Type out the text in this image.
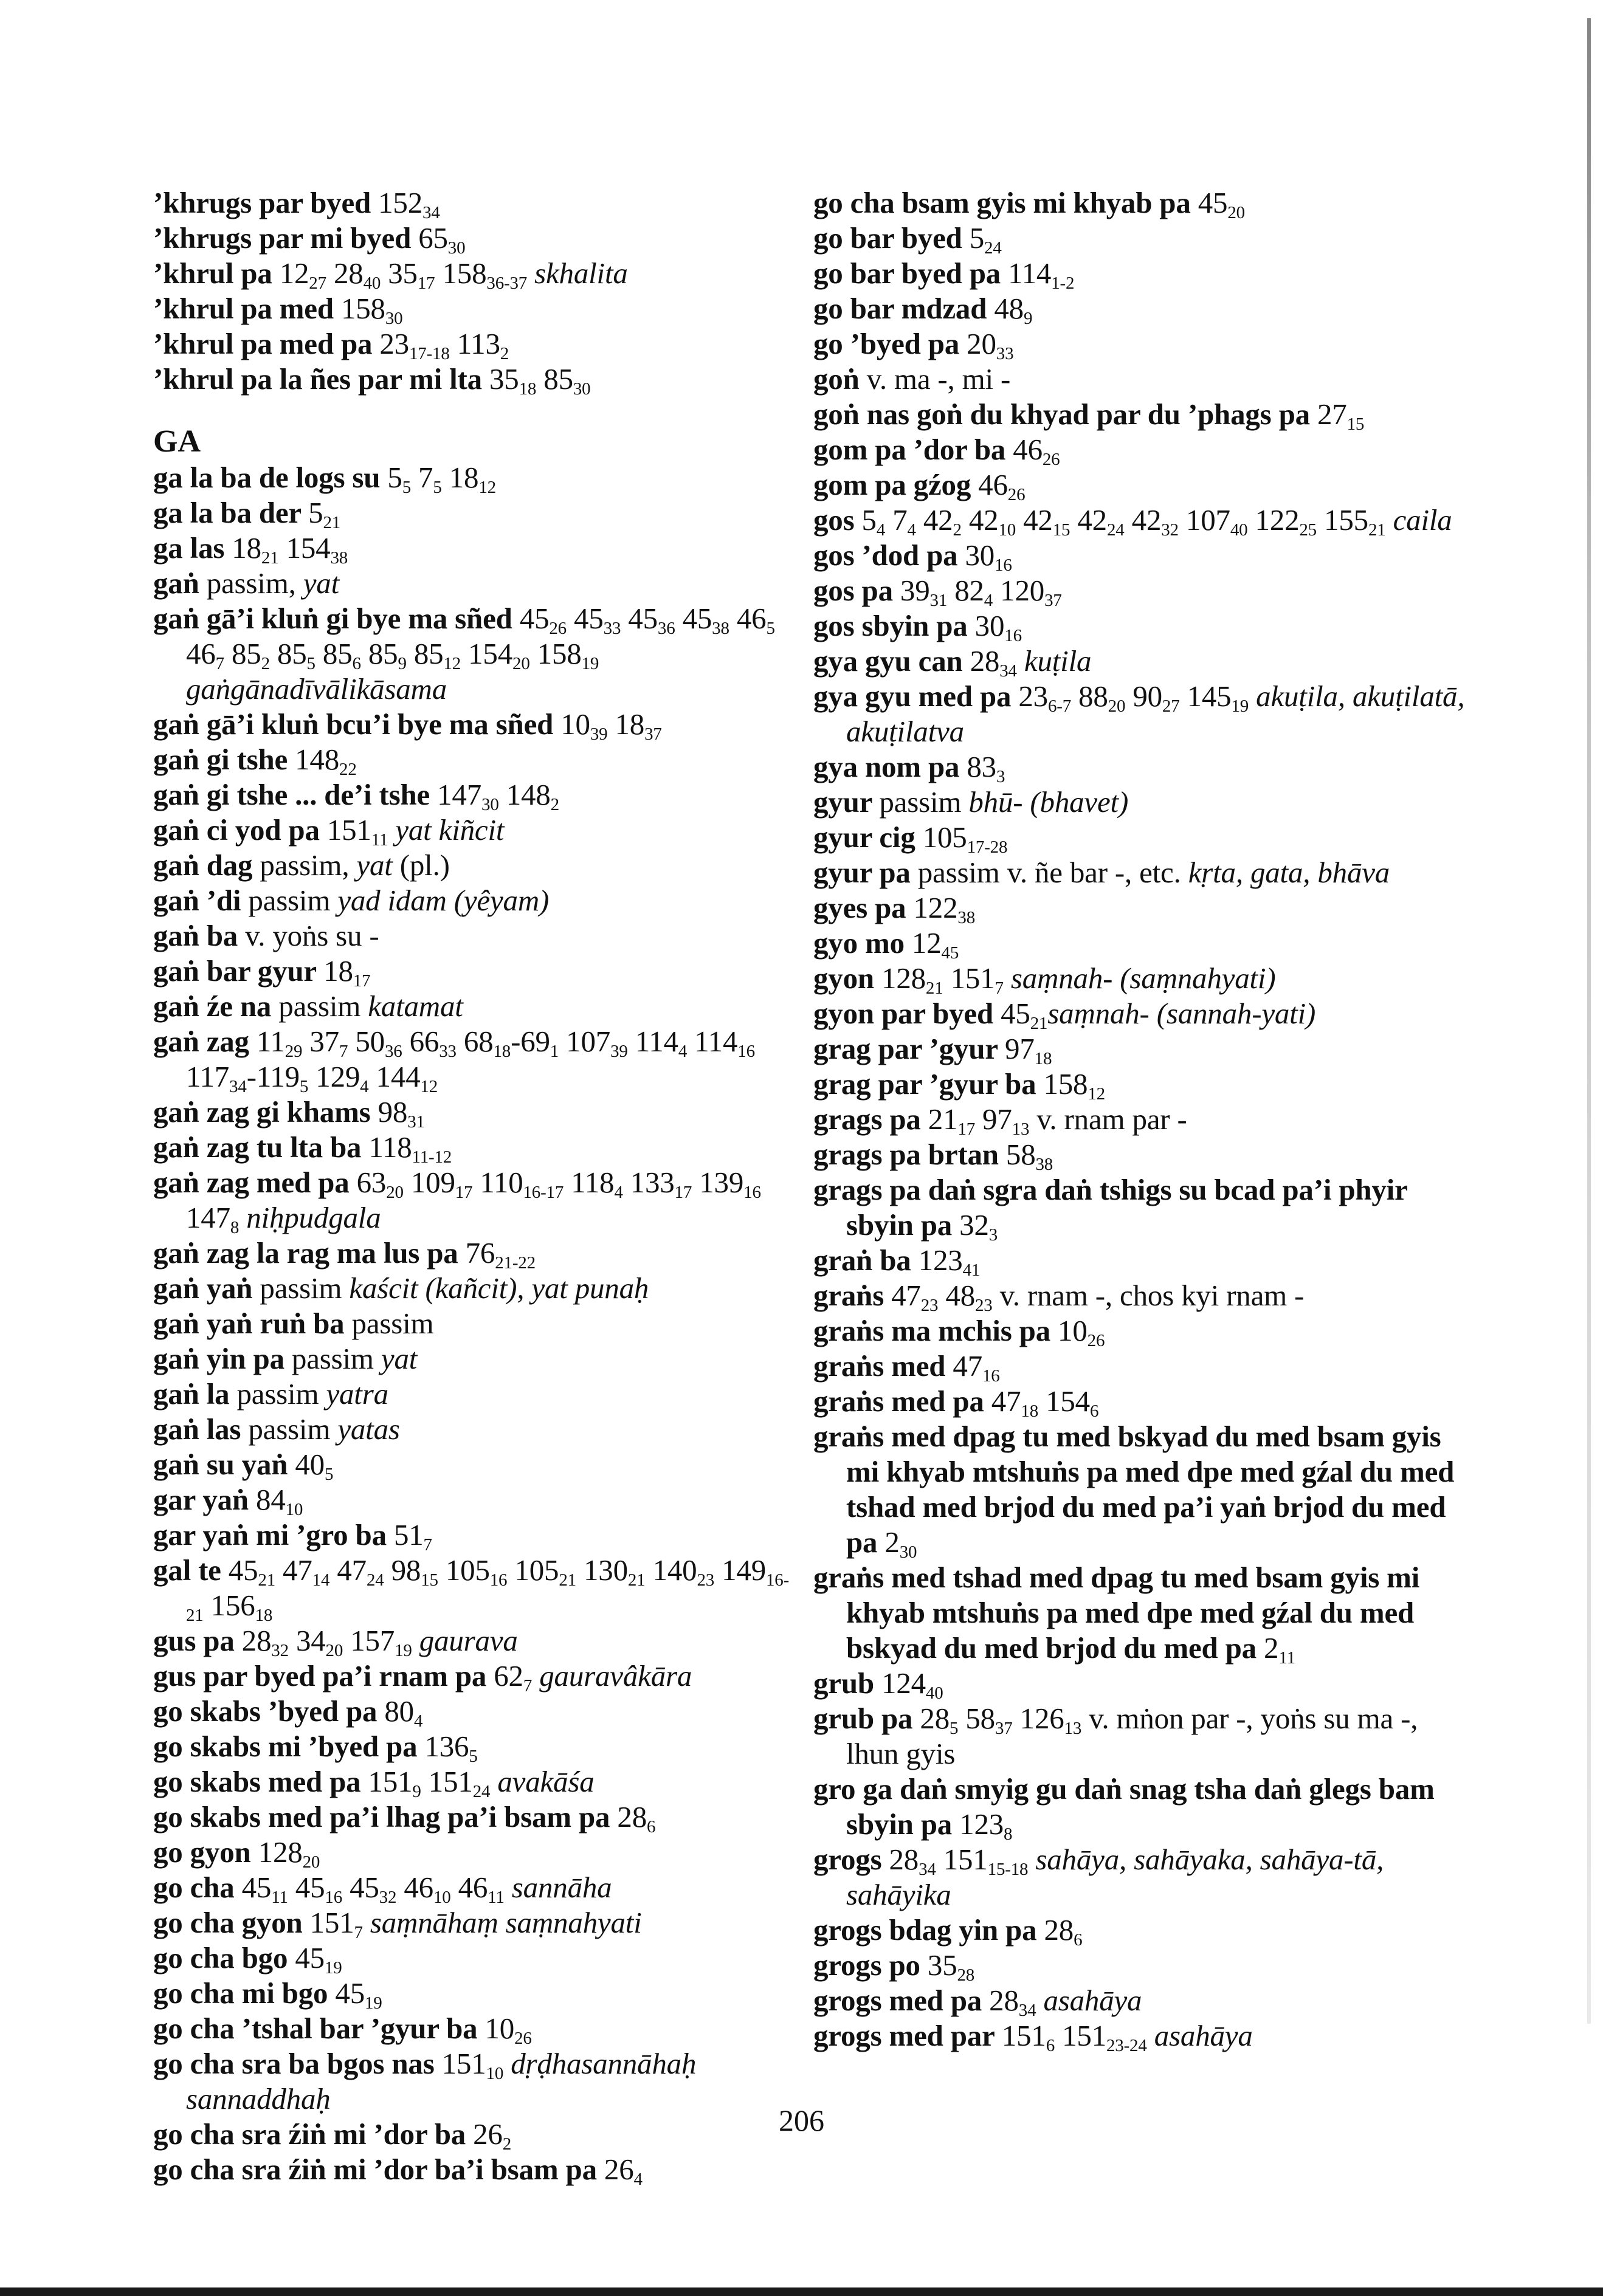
’khrugs par byed $152_{34}$

’khrugs par mi byed $65_{30}$

’khrul pa $12_{27}$ $28_{40}$ $35_{17}$ $158_{36-37}$ skhalita

’khrul pa med $158_{30}$

’khrul pa med pa $23_{17-18}$ $113_2$

’khrul pa la ñes par mi lta $35_{18}$ $85_{30}$

GA

ga la ba de logs su $5_5$ $7_5$ $18_{12}$

ga la ba der $5_{21}$

ga las $18_{21}$ $154_{38}$

gaṅ passim, yat

gaṅ gā’i kluṅ gi bye ma sñed $45_{26}$ $45_{33}$ $45_{36}$ $45_{38}$ $46_5$ $46_7$ $85_2$ $85_5$ $85_6$ $85_9$ $85_{12}$ $154_{20}$ $158_{19}$ gaṅgānadīvālikāsama

gaṅ gā’i kluṅ bcu’i bye ma sñed $10_{39}$ $18_{37}$

gaṅ gi tshe $148_{22}$

gaṅ gi tshe ... de’i tshe $147_{30}$ $148_2$

gaṅ ci yod pa $151_{11}$ yat kiñcit

gaṅ dag passim, yat (pl.)

gaṅ ’di passim yad idam (yêyam)

gaṅ ba v. yoṅs su -

gaṅ bar gyur $18_{17}$

gaṅ źe na passim katamat

gaṅ zag $11_{29}$ $37_7$ $50_{36}$ $66_{33}$ $68_{18}-69_1$ $107_{39}$ $114_4$ $114_{16}$ $117_{34}-119_5$ $129_4$ $144_{12}$

gaṅ zag gi khams $98_{31}$

gaṅ zag tu lta ba $118_{11-12}$

gaṅ zag med pa $63_{20}$ $109_{17}$ $110_{16-17}$ $118_4$ $133_{17}$ $139_{16}$ $147_8$ niḥpudgala

gaṅ zag la rag ma lus pa $76_{21-22}$

gaṅ yaṅ passim kaścit (kañcit), yat punaḥ

gaṅ yaṅ ruṅ ba passim

gaṅ yin pa passim yat

gaṅ la passim yatra

gaṅ las passim yatas

gaṅ su yaṅ $40_5$

gar yaṅ $84_{10}$

gar yaṅ mi ’gro ba $51_7$

gal te $45_{21}$ $47_{14}$ $47_{24}$ $98_{15}$ $105_{16}$ $105_{21}$ $130_{21}$ $140_{23}$ $149_{16-21}$ $156_{18}$

gus pa $28_{32}$ $34_{20}$ $157_{19}$ gaurava

gus par byed pa’i rnam pa $62_7$ gauravâkāra

go skabs ’byed pa $80_4$

go skabs mi ’byed pa $136_5$

go skabs med pa $151_9$ $151_{24}$ avakāśa

go skabs med pa’i lhag pa’i bsam pa $28_6$

go gyon $128_{20}$

go cha $45_{11}$ $45_{16}$ $45_{32}$ $46_{10}$ $46_{11}$ sannāha

go cha gyon $151_7$ saṃnāhaṃ saṃnahyati

go cha bgo $45_{19}$

go cha mi bgo $45_{19}$

go cha ’tshal bar ’gyur ba $10_{26}$

go cha sra ba bgos nas $151_{10}$ dṛḍhasannāhaḥ sannaddhaḥ

go cha sra źiṅ mi ’dor ba $26_2$

go cha sra źiṅ mi ’dor ba’i bsam pa $26_4$

go cha bsam gyis mi khyab pa $45_{20}$

go bar byed $5_{24}$

go bar byed pa $114_{1-2}$

go bar mdzad $48_9$

go ’byed pa $20_{33}$

goṅ v. ma -, mi -

goṅ nas goṅ du khyad par du ’phags pa $27_{15}$

gom pa ’dor ba $46_{26}$

gom pa gźog $46_{26}$

gos $5_4$ $7_4$ $42_2$ $42_{10}$ $42_{15}$ $42_{24}$ $42_{32}$ $107_{40}$ $122_{25}$ $155_{21}$ caila

gos ’dod pa $30_{16}$

gos pa $39_{31}$ $82_4$ $120_{37}$

gos sbyin pa $30_{16}$

gya gyu can $28_{34}$ kuṭila

gya gyu med pa $23_{6-7}$ $88_{20}$ $90_{27}$ $145_{19}$ akuṭila, akuṭilatā, akuṭilatva

gya nom pa $83_3$

gyur passim bhū- (bhavet)

gyur cig $105_{17-28}$

gyur pa passim v. ñe bar -, etc. kṛta, gata, bhāva

gyes pa $122_{38}$

gyo mo $12_{45}$

gyon $128_{21}$ $151_7$ saṃnah- (saṃnahyati)

gyon par byed $45_{21}saṃnah-$ (sannah-yati)

grag par ’gyur $97_{18}$

grag par ’gyur ba $158_{12}$

grags pa $21_{17}$ $97_{13}$ v. rnam par -

grags pa brtan $58_{38}$

grags pa daṅ sgra daṅ tshigs su bcad pa’i phyir sbyin pa $32_3$

graṅ ba $123_{41}$

graṅs $47_{23}$ $48_{23}$ v. rnam -, chos kyi rnam -

graṅs ma mchis pa $10_{26}$

graṅs med $47_{16}$

graṅs med pa $47_{18}$ $154_6$

graṅs med dpag tu med bskyad du med bsam gyis mi khyab mtshuṅs pa med dpe med gźal du med tshad med brjod du med pa’i yaṅ brjod du med pa $2_{30}$

graṅs med tshad med dpag tu med bsam gyis mi khyab mtshuṅs pa med dpe med gźal du med bskyad du med brjod du med pa $2_{11}$

grub $124_{40}$

grub pa $28_5$ $58_{37}$ $126_{13}$ v. mṅon par -, yoṅs su ma -, lhun gyis

gro ga daṅ smyig gu daṅ snag tsha daṅ glegs bam sbyin pa $123_8$

grogs $28_{34}$ $151_{15-18}$ sahāya, sahāyaka, sahāya-tā, sahāyika

grogs bdag yin pa $28_6$

grogs po $35_{28}$

grogs med pa $28_{34}$ asahāya

grogs med par $151_6$ $151_{23-24}$ asahāya

206
